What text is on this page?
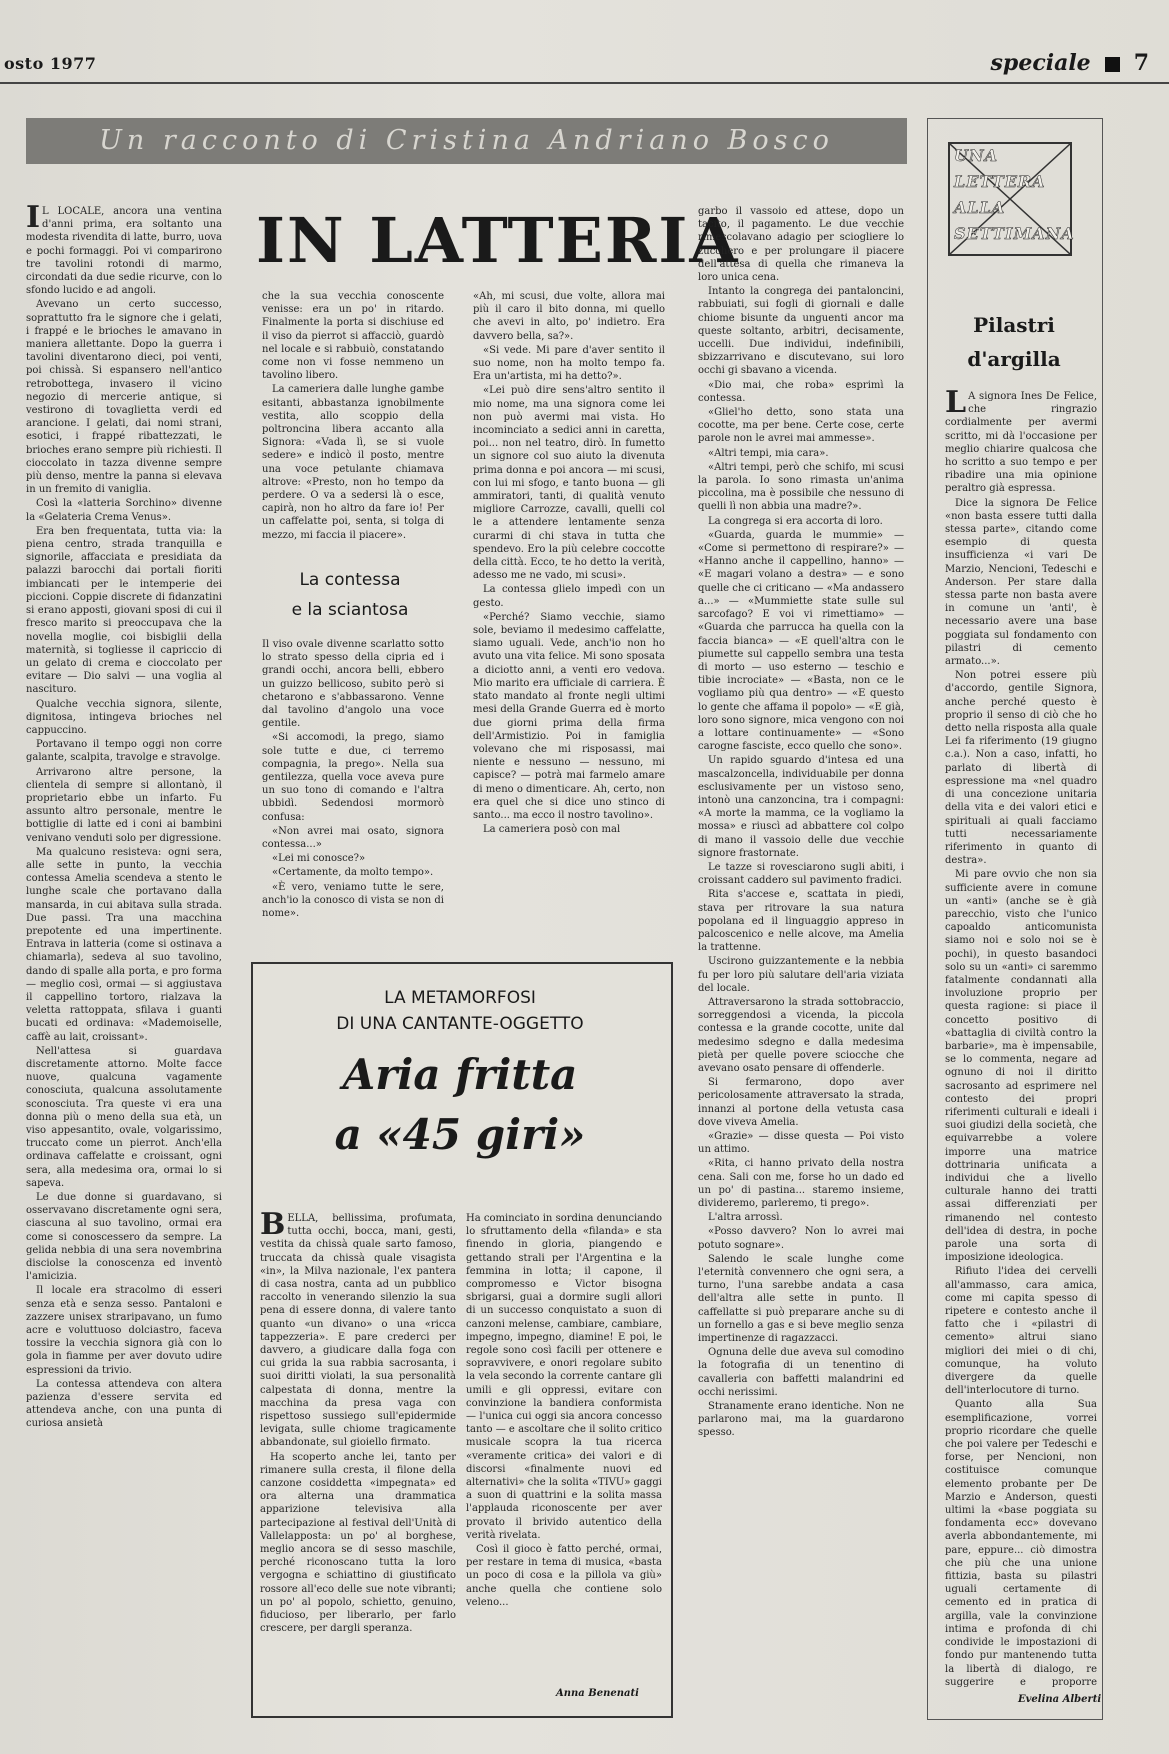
osto 1977	speciale 7
Un racconto di Cristina Andriano Bosco

I L LOCALE, ancora una ventina d'anni prima, era soltanto una modesta rivendita di latte, burro, uova e pochi formaggi. Poi vi comparirono tre tavolini rotondi di marmo, circondati da due sedie ricurve, con lo sfondo lucido e ad angoli.

Avevano un certo successo, soprattutto fra le signore che i gelati, i frappé e le brioches le amavano in maniera allettante. Dopo la guerra i tavolini diventarono dieci, poi venti, poi chissà. Si espansero nell'antico retrobottega, invasero il vicino negozio di mercerie antique, si vestirono di tovaglietta verdi ed arancione. I gelati, dai nomi strani, esotici, i frappé ribattezzati, le brioches erano sempre più richiesti. Il cioccolato in tazza divenne sempre più denso, mentre la panna si elevava in un fremito di vaniglia.

Così la «latteria Sorchino» divenne la «Gelateria Crema Venus».

Era ben frequentata, tutta via: la piena centro, strada tranquilla e signorile, affacciata e presidiata da palazzi barocchi dai portali fioriti imbiancati per le intemperie dei piccioni. Coppie discrete di fidanzatini si erano apposti, giovani sposi di cui il fresco marito si preoccupava che la novella moglie, coi bisbiglii della maternità, si togliesse il capriccio di un gelato di crema e cioccolato per evitare — Dio salvi — una voglia al nascituro.

Qualche vecchia signora, silente, dignitosa, intingeva brioches nel cappuccino.

Portavano il tempo oggi non corre galante, scalpita, travolge e stravolge.

Arrivarono altre persone, la clientela di sempre si allontanò, il proprietario ebbe un infarto. Fu assunto altro personale, mentre le bottiglie di latte ed i coni ai bambini venivano venduti solo per digressione.

Ma qualcuno resisteva: ogni sera, alle sette in punto, la vecchia contessa Amelia scendeva a stento le lunghe scale che portavano dalla mansarda, in cui abitava sulla strada. Due passi. Tra una macchina prepotente ed una impertinente. Entrava in latteria (come si ostinava a chiamarla), sedeva al suo tavolino, dando di spalle alla porta, e pro forma — meglio così, ormai — si aggiustava il cappellino tortoro, rialzava la veletta rattoppata, sfilava i guanti bucati ed ordinava: «Mademoiselle, caffè au lait, croissant».

Nell'attesa si guardava discretamente attorno. Molte facce nuove, qualcuna vagamente conosciuta, qualcuna assolutamente sconosciuta. Tra queste vi era una donna più o meno della sua età, un viso appesantito, ovale, volgarissimo, truccato come un pierrot. Anch'ella ordinava caffelatte e croissant, ogni sera, alla medesima ora, ormai lo si sapeva.

Le due donne si guardavano, si osservavano discretamente ogni sera, ciascuna al suo tavolino, ormai era come si conoscessero da sempre. La gelida nebbia di una sera novembrina disciolse la conoscenza ed inventò l'amicizia.

Il locale era stracolmo di esseri senza età e senza sesso. Pantaloni e zazzere unisex straripavano, un fumo acre e voluttuoso dolciastro, faceva tossire la vecchia signora già con lo gola in fiamme per aver dovuto udire espressioni da trivio.

La contessa attendeva con altera pazienza d'essere servita ed attendeva anche, con una punta di curiosa ansietà

IN LATTERIA

che la sua vecchia conoscente venisse: era un po' in ritardo. Finalmente la porta si dischiuse ed il viso da pierrot si affacciò, guardò nel locale e si rabbuiò, constatando come non vi fosse nemmeno un tavolino libero.

La cameriera dalle lunghe gambe esitanti, abbastanza ignobilmente vestita, allo scoppio della poltroncina libera accanto alla Signora: «Vada lì, se si vuole sedere» e indicò il posto, mentre una voce petulante chiamava altrove: «Presto, non ho tempo da perdere. O va a sedersi là o esce, capirà, non ho altro da fare io! Per un caffelatte poi, senta, si tolga di mezzo, mi faccia il piacere».

La contessa
e la sciantosa

Il viso ovale divenne scarlatto sotto lo strato spesso della cipria ed i grandi occhi, ancora belli, ebbero un guizzo bellicoso, subito però si chetarono e s'abbassarono. Venne dal tavolino d'angolo una voce gentile.

«Si accomodi, la prego, siamo sole tutte e due, ci terremo compagnia, la prego». Nella sua gentilezza, quella voce aveva pure un suo tono di comando e l'altra ubbidì. Sedendosi mormorò confusa:

«Non avrei mai osato, signora contessa...»

«Lei mi conosce?»

«Certamente, da molto tempo».

«È vero, veniamo tutte le sere, anch'io la conosco di vista se non di nome».

«Ah, mi scusi, due volte, allora mai più il caro il bito donna, mi quello che avevi in alto, po' indietro. Era davvero bella, sa?».

«Si vede. Mi pare d'aver sentito il suo nome, non ha molto tempo fa. Era un'artista, mi ha detto?».

«Lei può dire sens'altro sentito il mio nome, ma una signora come lei non può avermi mai vista. Ho incominciato a sedici anni in caretta, poi... non nel teatro, dirò. In fumetto un signore col suo aiuto la divenuta prima donna e poi ancora — mi scusi, con lui mi sfogo, e tanto buona — gli ammiratori, tanti, di qualità venuto migliore Carrozze, cavalli, quelli col le a attendere lentamente senza curarmi di chi stava in tutta che spendevo. Ero la più celebre coccotte della città. Ecco, te ho detto la verità, adesso me ne vado, mi scusi».

La contessa glielo impedì con un gesto.

«Perché? Siamo vecchie, siamo sole, beviamo il medesimo caffelatte, siamo uguali. Vede, anch'io non ho avuto una vita felice. Mi sono sposata a diciotto anni, a venti ero vedova. Mio marito era ufficiale di carriera. È stato mandato al fronte negli ultimi mesi della Grande Guerra ed è morto due giorni prima della firma dell'Armistizio. Poi in famiglia volevano che mi risposassi, mai niente e nessuno — nessuno, mi capisce? — potrà mai farmelo amare di meno o dimenticare. Ah, certo, non era quel che si dice uno stinco di santo... ma ecco il nostro tavolino».

La cameriera posò con mal

garbo il vassoio ed attese, dopo un tacito, il pagamento. Le due vecchie rimescolavano adagio per sciogliere lo zucchero e per prolungare il piacere dell'attesa di quella che rimaneva la loro unica cena.

Intanto la congrega dei pantaloncini, rabbuiati, sui fogli di giornali e dalle chiome bisunte da unguenti ancor ma queste soltanto, arbitri, decisamente, uccelli. Due individui, indefinibili, sbizzarrivano e discutevano, sui loro occhi gi sbavano a vicenda.

«Dio mai, che roba» esprimì la contessa.

«Gliel'ho detto, sono stata una cocotte, ma per bene. Certe cose, certe parole non le avrei mai ammesse».

«Altri tempi, mia cara».

«Altri tempi, però che schifo, mi scusi la parola. Io sono rimasta un'anima piccolina, ma è possibile che nessuno di quelli lì non abbia una madre?».

La congrega si era accorta di loro.

«Guarda, guarda le mummie» — «Come si permettono di respirare?» — «Hanno anche il cappellino, hanno» — «E magari volano a destra» — e sono quelle che ci criticano — «Ma andassero a...» — «Mummiette state sulle sul sarcofago? E voi vi rimettiamo» — «Guarda che parrucca ha quella con la faccia bianca» — «E quell'altra con le piumette sul cappello sembra una testa di morto — uso esterno — teschio e tibie incrociate» — «Basta, non ce le vogliamo più qua dentro» — «E questo lo gente che affama il popolo» — «E già, loro sono signore, mica vengono con noi a lottare continuamente» — «Sono carogne fasciste, ecco quello che sono».

Un rapido sguardo d'intesa ed una mascalzoncella, individuabile per donna esclusivamente per un vistoso seno, intonò una canzoncina, tra i compagni: «A morte la mamma, ce la vogliamo la mossa» e riuscì ad abbattere col colpo di mano il vassoio delle due vecchie signore frastornate.

Le tazze si rovesciarono sugli abiti, i croissant caddero sul pavimento fradici.

Rita s'accese e, scattata in piedi, stava per ritrovare la sua natura popolana ed il linguaggio appreso in palcoscenico e nelle alcove, ma Amelia la trattenne.

Uscirono guizzantemente e la nebbia fu per loro più salutare dell'aria viziata del locale.

Attraversarono la strada sottobraccio, sorreggendosi a vicenda, la piccola contessa e la grande cocotte, unite dal medesimo sdegno e dalla medesima pietà per quelle povere sciocche che avevano osato pensare di offenderle.

Si fermarono, dopo aver pericolosamente attraversato la strada, innanzi al portone della vetusta casa dove viveva Amelia.

«Grazie» — disse questa — Poi visto un attimo.

«Rita, ci hanno privato della nostra cena. Sali con me, forse ho un dado ed un po' di pastina... staremo insieme, divideremo, parleremo, ti prego».

L'altra arrossì.

«Posso davvero? Non lo avrei mai potuto sognare».

Salendo le scale lunghe come l'eternità convennero che ogni sera, a turno, l'una sarebbe andata a casa dell'altra alle sette in punto. Il caffellatte si può preparare anche su di un fornello a gas e si beve meglio senza impertinenze di ragazzacci.

Ognuna delle due aveva sul comodino la fotografia di un tenentino di cavalleria con baffetti malandrini ed occhi nerissimi.

Stranamente erano identiche. Non ne parlarono mai, ma la guardarono spesso.

LA METAMORFOSI
DI UNA CANTANTE-OGGETTO
Aria fritta
a «45 giri»

BELLA, bellissima, profumata, tutta occhi, bocca, mani, gesti, vestita da chissà quale sarto famoso, truccata da chissà quale visagista «in», la Milva nazionale, l'ex pantera di casa nostra, canta ad un pubblico raccolto in venerando silenzio la sua pena di essere donna, di valere tanto quanto «un divano» o una «ricca tappezzeria». E pare crederci per davvero, a giudicare dalla foga con cui grida la sua rabbia sacrosanta, i suoi diritti violati, la sua personalità calpestata di donna, mentre la macchina da presa vaga con rispettoso sussiego sull'epidermide levigata, sulle chiome tragicamente abbandonate, sul gioiello firmato.

Ha scoperto anche lei, tanto per rimanere sulla cresta, il filone della canzone cosiddetta «impegnata» ed ora alterna una drammatica apparizione televisiva alla partecipazione al festival dell'Unità di Vallelapposta: un po' al borghese, meglio ancora se di sesso maschile, perché riconoscano tutta la loro vergogna e schiattino di giustificato rossore all'eco delle sue note vibranti; un po' al popolo, schietto, genuino, fiducioso, per liberarlo, per farlo crescere, per dargli speranza.

Ha cominciato in sordina denunciando lo sfruttamento della «filanda» e sta finendo in gloria, piangendo e gettando strali per l'Argentina e la femmina in lotta; il capone, il compromesso e Victor bisogna sbrigarsi, guai a dormire sugli allori di un successo conquistato a suon di canzoni melense, cambiare, cambiare, impegno, impegno, diamine! E poi, le regole sono così facili per ottenere e sopravvivere, e onori regolare subito la vela secondo la corrente cantare gli umili e gli oppressi, evitare con convinzione la bandiera conformista — l'unica cui oggi sia ancora concesso tanto — e ascoltare che il solito critico musicale scopra la tua ricerca «veramente critica» dei valori e di discorsi «finalmente nuovi ed alternativi» che la solita «TIVU» gaggi a suon di quattrini e la solita massa l'applauda riconoscente per aver provato il brivido autentico della verità rivelata.

Così il gioco è fatto perché, ormai, per restare in tema di musica, «basta un poco di cosa e la pillola va giù» anche quella che contiene solo veleno...

Anna Benenati
UNA
LETTERA
ALLA
SETTIMANA
Pilastri
d'argilla

L A signora Ines De Felice, che ringrazio cordialmente per avermi scritto, mi dà l'occasione per meglio chiarire qualcosa che ho scritto a suo tempo e per ribadire una mia opinione peraltro già espressa.

Dice la signora De Felice «non basta essere tutti dalla stessa parte», citando come esempio di questa insufficienza «i vari De Marzio, Nencioni, Tedeschi e Anderson. Per stare dalla stessa parte non basta avere in comune un 'anti', è necessario avere una base poggiata sul fondamento con pilastri di cemento armato...».

Non potrei essere più d'accordo, gentile Signora, anche perché questo è proprio il senso di ciò che ho detto nella risposta alla quale Lei fa riferimento (19 giugno c.a.). Non a caso, infatti, ho parlato di libertà di espressione ma «nel quadro di una concezione unitaria della vita e dei valori etici e spirituali ai quali facciamo tutti necessariamente riferimento in quanto di destra».

Mi pare ovvio che non sia sufficiente avere in comune un «anti» (anche se è già parecchio, visto che l'unico capoaldo anticomunista siamo noi e solo noi se è pochi), in questo basandoci solo su un «anti» ci saremmo fatalmente condannati alla involuzione proprio per questa ragione: si piace il concetto positivo di «battaglia di civiltà contro la barbarie», ma è impensabile, se lo commenta, negare ad ognuno di noi il diritto sacrosanto ad esprimere nel contesto dei propri riferimenti culturali e ideali i suoi giudizi della società, che equivarrebbe a volere imporre una matrice dottrinaria unificata a individui che a livello culturale hanno dei tratti assai differenziati per rimanendo nel contesto dell'idea di destra, in poche parole una sorta di imposizione ideologica.

Rifiuto l'idea dei cervelli all'ammasso, cara amica, come mi capita spesso di ripetere e contesto anche il fatto che i «pilastri di cemento» altrui siano migliori dei miei o di chi, comunque, ha voluto divergere da quelle dell'interlocutore di turno.

Quanto alla Sua esemplificazione, vorrei proprio ricordare che quelle che poi valere per Tedeschi e forse, per Nencioni, non costituisce comunque elemento probante per De Marzio e Anderson, questi ultimi la «base poggiata su fondamenta ecc» dovevano averla abbondantemente, mi pare, eppure... ciò dimostra che più che una unione fittizia, basta su pilastri uguali certamente di cemento ed in pratica di argilla, vale la convinzione intima e profonda di chi condivide le impostazioni di fondo pur mantenendo tutta la libertà di dialogo, re suggerire e proporre

Evelina Alberti
